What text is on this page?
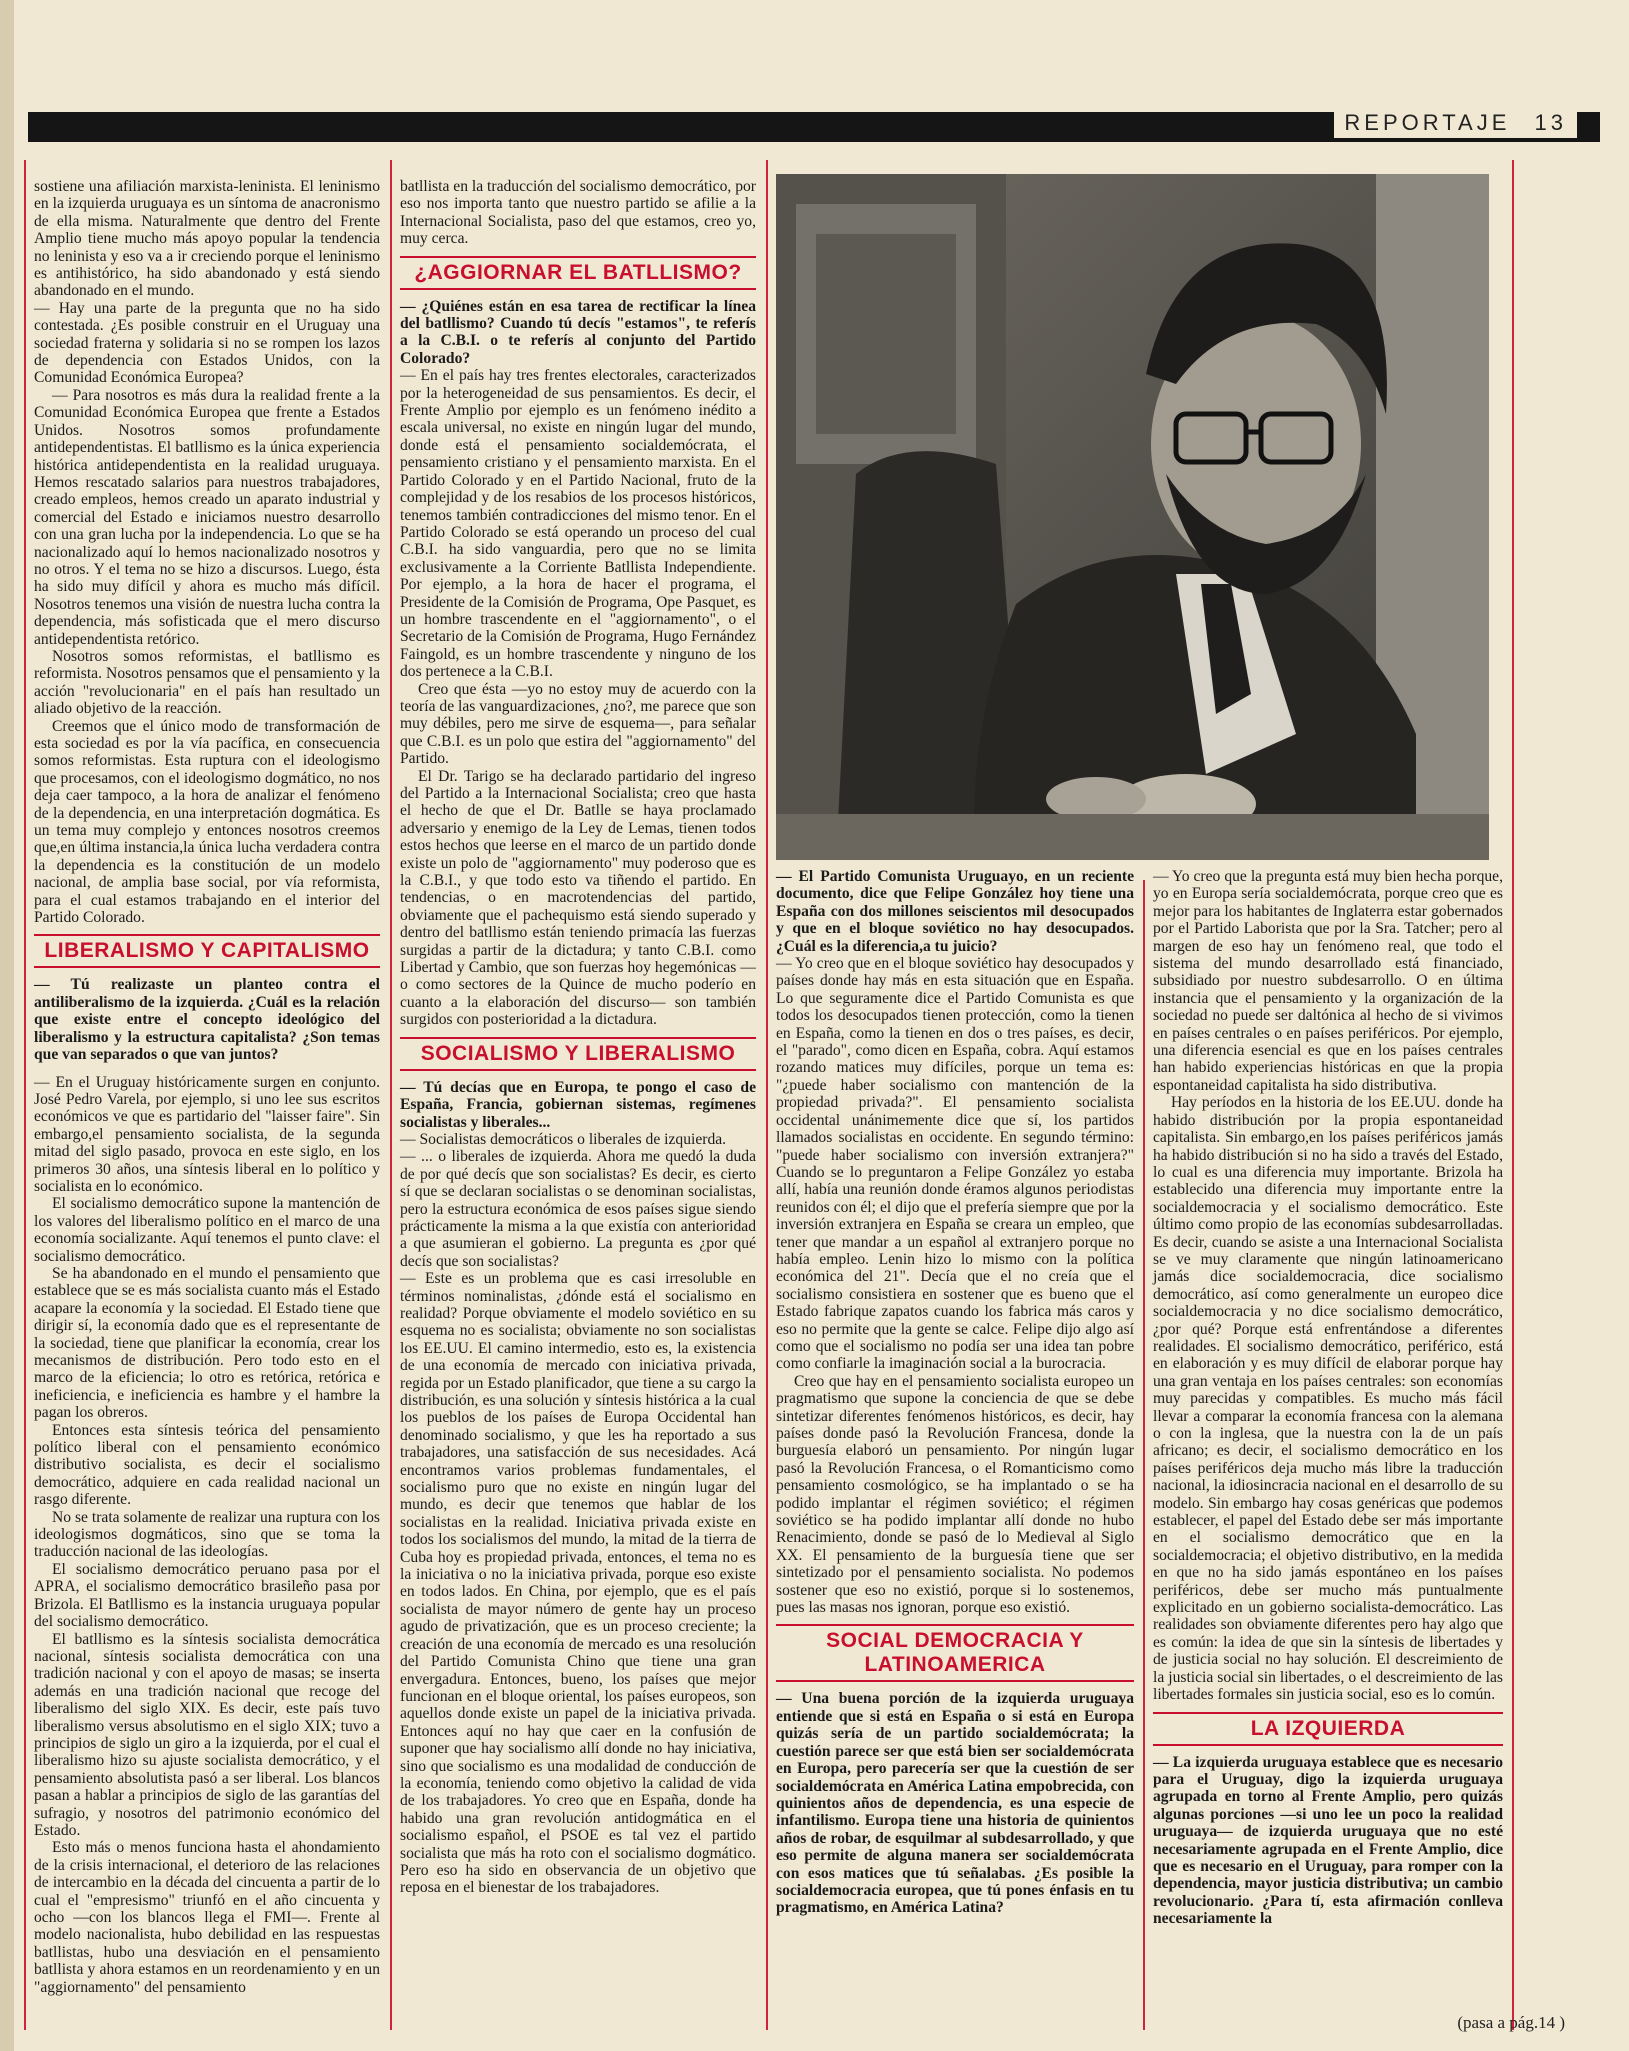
REPORTAJE 13

sostiene una afiliación marxista-leninista. El leninismo en la izquierda uruguaya es un síntoma de anacronismo de ella misma. Naturalmente que dentro del Frente Amplio tiene mucho más apoyo popular la tendencia no leninista y eso va a ir creciendo porque el leninismo es antihistórico, ha sido abandonado y está siendo abandonado en el mundo.

— Hay una parte de la pregunta que no ha sido contestada. ¿Es posible construir en el Uruguay una sociedad fraterna y solidaria si no se rompen los lazos de dependencia con Estados Unidos, con la Comunidad Económica Europea?

— Para nosotros es más dura la realidad frente a la Comunidad Económica Europea que frente a Estados Unidos. Nosotros somos profundamente antidependentistas. El batllismo es la única experiencia histórica antidependentista en la realidad uruguaya. Hemos rescatado salarios para nuestros trabajadores, creado empleos, hemos creado un aparato industrial y comercial del Estado e iniciamos nuestro desarrollo con una gran lucha por la independencia. Lo que se ha nacionalizado aquí lo hemos nacionalizado nosotros y no otros. Y el tema no se hizo a discursos. Luego, ésta ha sido muy difícil y ahora es mucho más difícil. Nosotros tenemos una visión de nuestra lucha contra la dependencia, más sofisticada que el mero discurso antidependentista retórico.

Nosotros somos reformistas, el batllismo es reformista. Nosotros pensamos que el pensamiento y la acción "revolucionaria" en el país han resultado un aliado objetivo de la reacción.

Creemos que el único modo de transformación de esta sociedad es por la vía pacífica, en consecuencia somos reformistas. Esta ruptura con el ideologismo que procesamos, con el ideologismo dogmático, no nos deja caer tampoco, a la hora de analizar el fenómeno de la dependencia, en una interpretación dogmática. Es un tema muy complejo y entonces nosotros creemos que,en última instancia,la única lucha verdadera contra la dependencia es la constitución de un modelo nacional, de amplia base social, por vía reformista, para el cual estamos trabajando en el interior del Partido Colorado.

LIBERALISMO Y CAPITALISMO

— Tú realizaste un planteo contra el antiliberalismo de la izquierda. ¿Cuál es la relación que existe entre el concepto ideológico del liberalismo y la estructura capitalista? ¿Son temas que van separados o que van juntos?

— En el Uruguay históricamente surgen en conjunto. José Pedro Varela, por ejemplo, si uno lee sus escritos económicos ve que es partidario del "laisser faire". Sin embargo,el pensamiento socialista, de la segunda mitad del siglo pasado, provoca en este siglo, en los primeros 30 años, una síntesis liberal en lo político y socialista en lo económico.

El socialismo democrático supone la mantención de los valores del liberalismo político en el marco de una economía socializante. Aquí tenemos el punto clave: el socialismo democrático.

Se ha abandonado en el mundo el pensamiento que establece que se es más socialista cuanto más el Estado acapare la economía y la sociedad. El Estado tiene que dirigir sí, la economía dado que es el representante de la sociedad, tiene que planificar la economía, crear los mecanismos de distribución. Pero todo esto en el marco de la eficiencia; lo otro es retórica, retórica e ineficiencia, e ineficiencia es hambre y el hambre la pagan los obreros.

Entonces esta síntesis teórica del pensamiento político liberal con el pensamiento económico distributivo socialista, es decir el socialismo democrático, adquiere en cada realidad nacional un rasgo diferente.

No se trata solamente de realizar una ruptura con los ideologismos dogmáticos, sino que se toma la traducción nacional de las ideologías.

El socialismo democrático peruano pasa por el APRA, el socialismo democrático brasileño pasa por Brizola. El Batllismo es la instancia uruguaya popular del socialismo democrático.

El batllismo es la síntesis socialista democrática nacional, síntesis socialista democrática con una tradición nacional y con el apoyo de masas; se inserta además en una tradición nacional que recoge del liberalismo del siglo XIX. Es decir, este país tuvo liberalismo versus absolutismo en el siglo XIX; tuvo a principios de siglo un giro a la izquierda, por el cual el liberalismo hizo su ajuste socialista democrático, y el pensamiento absolutista pasó a ser liberal. Los blancos pasan a hablar a principios de siglo de las garantías del sufragio, y nosotros del patrimonio económico del Estado.

Esto más o menos funciona hasta el ahondamiento de la crisis internacional, el deterioro de las relaciones de intercambio en la década del cincuenta a partir de lo cual el "empresismo" triunfó en el año cincuenta y ocho —con los blancos llega el FMI—. Frente al modelo nacionalista, hubo debilidad en las respuestas batllistas, hubo una desviación en el pensamiento batllista y ahora estamos en un reordenamiento y en un "aggiornamento" del pensamiento

batllista en la traducción del socialismo democrático, por eso nos importa tanto que nuestro partido se afilie a la Internacional Socialista, paso del que estamos, creo yo, muy cerca.

¿AGGIORNAR EL BATLLISMO?

— ¿Quiénes están en esa tarea de rectificar la línea del batllismo? Cuando tú decís "estamos", te referís a la C.B.I. o te referís al conjunto del Partido Colorado?

— En el país hay tres frentes electorales, caracterizados por la heterogeneidad de sus pensamientos. Es decir, el Frente Amplio por ejemplo es un fenómeno inédito a escala universal, no existe en ningún lugar del mundo, donde está el pensamiento socialdemócrata, el pensamiento cristiano y el pensamiento marxista. En el Partido Colorado y en el Partido Nacional, fruto de la complejidad y de los resabios de los procesos históricos, tenemos también contradicciones del mismo tenor. En el Partido Colorado se está operando un proceso del cual C.B.I. ha sido vanguardia, pero que no se limita exclusivamente a la Corriente Batllista Independiente. Por ejemplo, a la hora de hacer el programa, el Presidente de la Comisión de Programa, Ope Pasquet, es un hombre trascendente en el "aggiornamento", o el Secretario de la Comisión de Programa, Hugo Fernández Faingold, es un hombre trascendente y ninguno de los dos pertenece a la C.B.I.

Creo que ésta —yo no estoy muy de acuerdo con la teoría de las vanguardizaciones, ¿no?, me parece que son muy débiles, pero me sirve de esquema—, para señalar que C.B.I. es un polo que estira del "aggiornamento" del Partido.

El Dr. Tarigo se ha declarado partidario del ingreso del Partido a la Internacional Socialista; creo que hasta el hecho de que el Dr. Batlle se haya proclamado adversario y enemigo de la Ley de Lemas, tienen todos estos hechos que leerse en el marco de un partido donde existe un polo de "aggiornamento" muy poderoso que es la C.B.I., y que todo esto va tiñendo el partido. En tendencias, o en macrotendencias del partido, obviamente que el pachequismo está siendo superado y dentro del batllismo están teniendo primacía las fuerzas surgidas a partir de la dictadura; y tanto C.B.I. como Libertad y Cambio, que son fuerzas hoy hegemónicas —o como sectores de la Quince de mucho poderío en cuanto a la elaboración del discurso— son también surgidos con posterioridad a la dictadura.

SOCIALISMO Y LIBERALISMO

— Tú decías que en Europa, te pongo el caso de España, Francia, gobiernan sistemas, regímenes socialistas y liberales...

— Socialistas democráticos o liberales de izquierda.

— ... o liberales de izquierda. Ahora me quedó la duda de por qué decís que son socialistas? Es decir, es cierto sí que se declaran socialistas o se denominan socialistas, pero la estructura económica de esos países sigue siendo prácticamente la misma a la que existía con anterioridad a que asumieran el gobierno. La pregunta es ¿por qué decís que son socialistas?

— Este es un problema que es casi irresoluble en términos nominalistas, ¿dónde está el socialismo en realidad? Porque obviamente el modelo soviético en su esquema no es socialista; obviamente no son socialistas los EE.UU. El camino intermedio, esto es, la existencia de una economía de mercado con iniciativa privada, regida por un Estado planificador, que tiene a su cargo la distribución, es una solución y síntesis histórica a la cual los pueblos de los países de Europa Occidental han denominado socialismo, y que les ha reportado a sus trabajadores, una satisfacción de sus necesidades. Acá encontramos varios problemas fundamentales, el socialismo puro que no existe en ningún lugar del mundo, es decir que tenemos que hablar de los socialistas en la realidad. Iniciativa privada existe en todos los socialismos del mundo, la mitad de la tierra de Cuba hoy es propiedad privada, entonces, el tema no es la iniciativa o no la iniciativa privada, porque eso existe en todos lados. En China, por ejemplo, que es el país socialista de mayor número de gente hay un proceso agudo de privatización, que es un proceso creciente; la creación de una economía de mercado es una resolución del Partido Comunista Chino que tiene una gran envergadura. Entonces, bueno, los países que mejor funcionan en el bloque oriental, los países europeos, son aquellos donde existe un papel de la iniciativa privada. Entonces aquí no hay que caer en la confusión de suponer que hay socialismo allí donde no hay iniciativa, sino que socialismo es una modalidad de conducción de la economía, teniendo como objetivo la calidad de vida de los trabajadores. Yo creo que en España, donde ha habido una gran revolución antidogmática en el socialismo español, el PSOE es tal vez el partido socialista que más ha roto con el socialismo dogmático. Pero eso ha sido en observancia de un objetivo que reposa en el bienestar de los trabajadores.

— El Partido Comunista Uruguayo, en un reciente documento, dice que Felipe González hoy tiene una España con dos millones seiscientos mil desocupados y que en el bloque soviético no hay desocupados. ¿Cuál es la diferencia,a tu juicio?

— Yo creo que en el bloque soviético hay desocupados y países donde hay más en esta situación que en España. Lo que seguramente dice el Partido Comunista es que todos los desocupados tienen protección, como la tienen en España, como la tienen en dos o tres países, es decir, el "parado", como dicen en España, cobra. Aquí estamos rozando matices muy difíciles, porque un tema es: "¿puede haber socialismo con mantención de la propiedad privada?". El pensamiento socialista occidental unánimemente dice que sí, los partidos llamados socialistas en occidente. En segundo término: "puede haber socialismo con inversión extranjera?" Cuando se lo preguntaron a Felipe González yo estaba allí, había una reunión donde éramos algunos periodistas reunidos con él; el dijo que el prefería siempre que por la inversión extranjera en España se creara un empleo, que tener que mandar a un español al extranjero porque no había empleo. Lenin hizo lo mismo con la política económica del 21". Decía que el no creía que el socialismo consistiera en sostener que es bueno que el Estado fabrique zapatos cuando los fabrica más caros y eso no permite que la gente se calce. Felipe dijo algo así como que el socialismo no podía ser una idea tan pobre como confiarle la imaginación social a la burocracia.

Creo que hay en el pensamiento socialista europeo un pragmatismo que supone la conciencia de que se debe sintetizar diferentes fenómenos históricos, es decir, hay países donde pasó la Revolución Francesa, donde la burguesía elaboró un pensamiento. Por ningún lugar pasó la Revolución Francesa, o el Romanticismo como pensamiento cosmológico, se ha implantado o se ha podido implantar el régimen soviético; el régimen soviético se ha podido implantar allí donde no hubo Renacimiento, donde se pasó de lo Medieval al Siglo XX. El pensamiento de la burguesía tiene que ser sintetizado por el pensamiento socialista. No podemos sostener que eso no existió, porque si lo sostenemos, pues las masas nos ignoran, porque eso existió.

SOCIAL DEMOCRACIA Y LATINOAMERICA

— Una buena porción de la izquierda uruguaya entiende que si está en España o si está en Europa quizás sería de un partido socialdemócrata; la cuestión parece ser que está bien ser socialdemócrata en Europa, pero parecería ser que la cuestión de ser socialdemócrata en América Latina empobrecida, con quinientos años de dependencia, es una especie de infantilismo. Europa tiene una historia de quinientos años de robar, de esquilmar al subdesarrollado, y que eso permite de alguna manera ser socialdemócrata con esos matices que tú señalabas. ¿Es posible la socialdemocracia europea, que tú pones énfasis en tu pragmatismo, en América Latina?

— Yo creo que la pregunta está muy bien hecha porque, yo en Europa sería socialdemócrata, porque creo que es mejor para los habitantes de Inglaterra estar gobernados por el Partido Laborista que por la Sra. Tatcher; pero al margen de eso hay un fenómeno real, que todo el sistema del mundo desarrollado está financiado, subsidiado por nuestro subdesarrollo. O en última instancia que el pensamiento y la organización de la sociedad no puede ser daltónica al hecho de si vivimos en países centrales o en países periféricos. Por ejemplo, una diferencia esencial es que en los países centrales han habido experiencias históricas en que la propia espontaneidad capitalista ha sido distributiva.

Hay períodos en la historia de los EE.UU. donde ha habido distribución por la propia espontaneidad capitalista. Sin embargo,en los países periféricos jamás ha habido distribución si no ha sido a través del Estado, lo cual es una diferencia muy importante. Brizola ha establecido una diferencia muy importante entre la socialdemocracia y el socialismo democrático. Este último como propio de las economías subdesarrolladas. Es decir, cuando se asiste a una Internacional Socialista se ve muy claramente que ningún latinoamericano jamás dice socialdemocracia, dice socialismo democrático, así como generalmente un europeo dice socialdemocracia y no dice socialismo democrático, ¿por qué? Porque está enfrentándose a diferentes realidades. El socialismo democrático, periférico, está en elaboración y es muy difícil de elaborar porque hay una gran ventaja en los países centrales: son economías muy parecidas y compatibles. Es mucho más fácil llevar a comparar la economía francesa con la alemana o con la inglesa, que la nuestra con la de un país africano; es decir, el socialismo democrático en los países periféricos deja mucho más libre la traducción nacional, la idiosincracia nacional en el desarrollo de su modelo. Sin embargo hay cosas genéricas que podemos establecer, el papel del Estado debe ser más importante en el socialismo democrático que en la socialdemocracia; el objetivo distributivo, en la medida en que no ha sido jamás espontáneo en los países periféricos, debe ser mucho más puntualmente explicitado en un gobierno socialista-democrático. Las realidades son obviamente diferentes pero hay algo que es común: la idea de que sin la síntesis de libertades y de justicia social no hay solución. El descreimiento de la justicia social sin libertades, o el descreimiento de las libertades formales sin justicia social, eso es lo común.

LA IZQUIERDA

— La izquierda uruguaya establece que es necesario para el Uruguay, digo la izquierda uruguaya agrupada en torno al Frente Amplio, pero quizás algunas porciones —si uno lee un poco la realidad uruguaya— de izquierda uruguaya que no esté necesariamente agrupada en el Frente Amplio, dice que es necesario en el Uruguay, para romper con la dependencia, mayor justicia distributiva; un cambio revolucionario. ¿Para tí, esta afirmación conlleva necesariamente la

(pasa a pág.14 )
